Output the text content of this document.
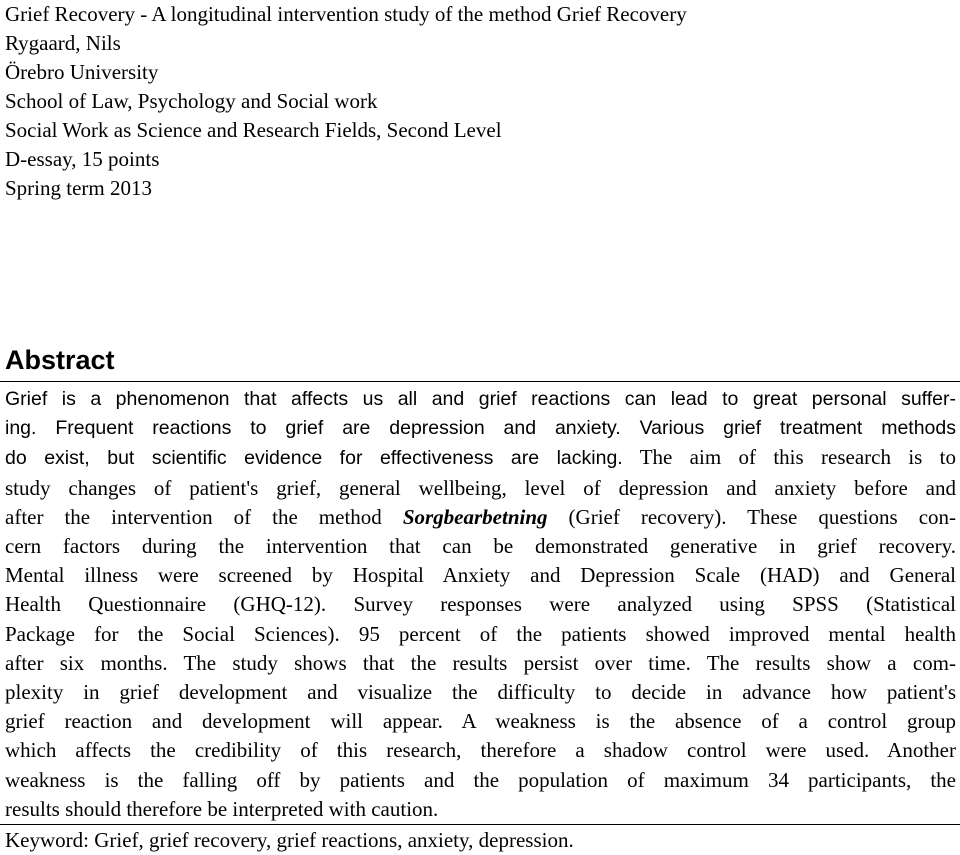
Grief Recovery - A longitudinal intervention study of the method Grief Recovery
Rygaard, Nils
Örebro University
School of Law, Psychology and Social work
Social Work as Science and Research Fields, Second Level
D-essay, 15 points
Spring term 2013
Abstract
Grief is a phenomenon that affects us all and grief reactions can lead to great personal suffer-
ing. Frequent reactions to grief are depression and anxiety. Various grief treatment methods
do exist, but scientific evidence for effectiveness are lacking. The aim of this research is to
study changes of patient's grief, general wellbeing, level of depression and anxiety before and
after the intervention of the method Sorgbearbetning (Grief recovery). These questions con-
cern factors during the intervention that can be demonstrated generative in grief recovery.
Mental illness were screened by Hospital Anxiety and Depression Scale (HAD) and General
Health Questionnaire (GHQ-12). Survey responses were analyzed using SPSS (Statistical
Package for the Social Sciences). 95 percent of the patients showed improved mental health
after six months. The study shows that the results persist over time. The results show a com-
plexity in grief development and visualize the difficulty to decide in advance how patient's
grief reaction and development will appear. A weakness is the absence of a control group
which affects the credibility of this research, therefore a shadow control were used. Another
weakness is the falling off by patients and the population of maximum 34 participants, the
results should therefore be interpreted with caution.
Keyword: Grief, grief recovery, grief reactions, anxiety, depression.
